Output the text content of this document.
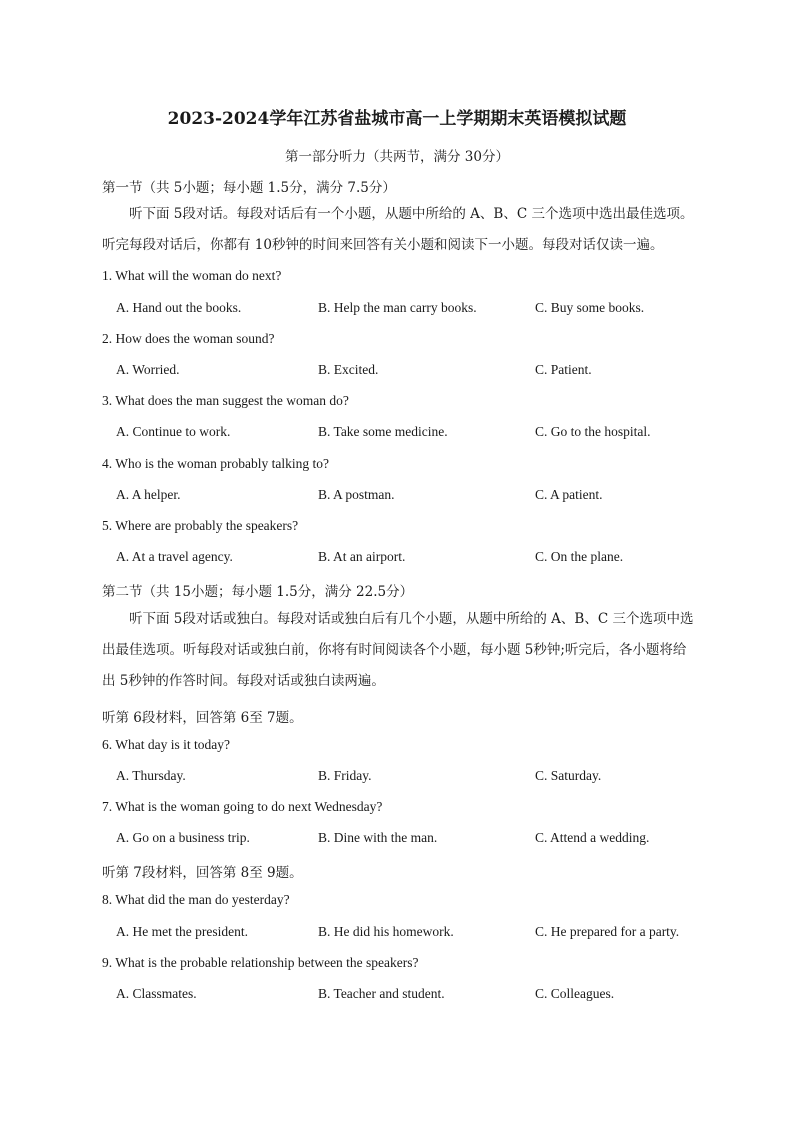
2023-2024学年江苏省盐城市高一上学期期末英语模拟试题
第一部分听力（共两节，满分 30分）
第一节（共 5小题；每小题 1.5分，满分 7.5分）
听下面 5段对话。每段对话后有一个小题，从题中所给的 A、B、C 三个选项中选出最佳选项。听完每段对话后，你都有 10秒钟的时间来回答有关小题和阅读下一小题。每段对话仅读一遍。
1. What will the woman do next?
A. Hand out the books.	B. Help the man carry books.	C. Buy some books.
2. How does the woman sound?
A. Worried.	B. Excited.	C. Patient.
3. What does the man suggest the woman do?
A. Continue to work.	B. Take some medicine.	C. Go to the hospital.
4. Who is the woman probably talking to?
A. A helper.	B. A postman.	C. A patient.
5. Where are probably the speakers?
A. At a travel agency.	B. At an airport.	C. On the plane.
第二节（共 15小题；每小题 1.5分，满分 22.5分）
听下面 5段对话或独白。每段对话或独白后有几个小题，从题中所给的 A、B、C 三个选项中选出最佳选项。听每段对话或独白前，你将有时间阅读各个小题，每小题 5秒钟;听完后，各小题将给出 5秒钟的作答时间。每段对话或独白读两遍。
听第 6段材料，回答第 6至 7题。
6. What day is it today?
A. Thursday.	B. Friday.	C. Saturday.
7. What is the woman going to do next Wednesday?
A. Go on a business trip.	B. Dine with the man.	C. Attend a wedding.
听第 7段材料，回答第 8至 9题。
8. What did the man do yesterday?
A. He met the president.	B. He did his homework.	C. He prepared for a party.
9. What is the probable relationship between the speakers?
A. Classmates.	B. Teacher and student.	C. Colleagues.
